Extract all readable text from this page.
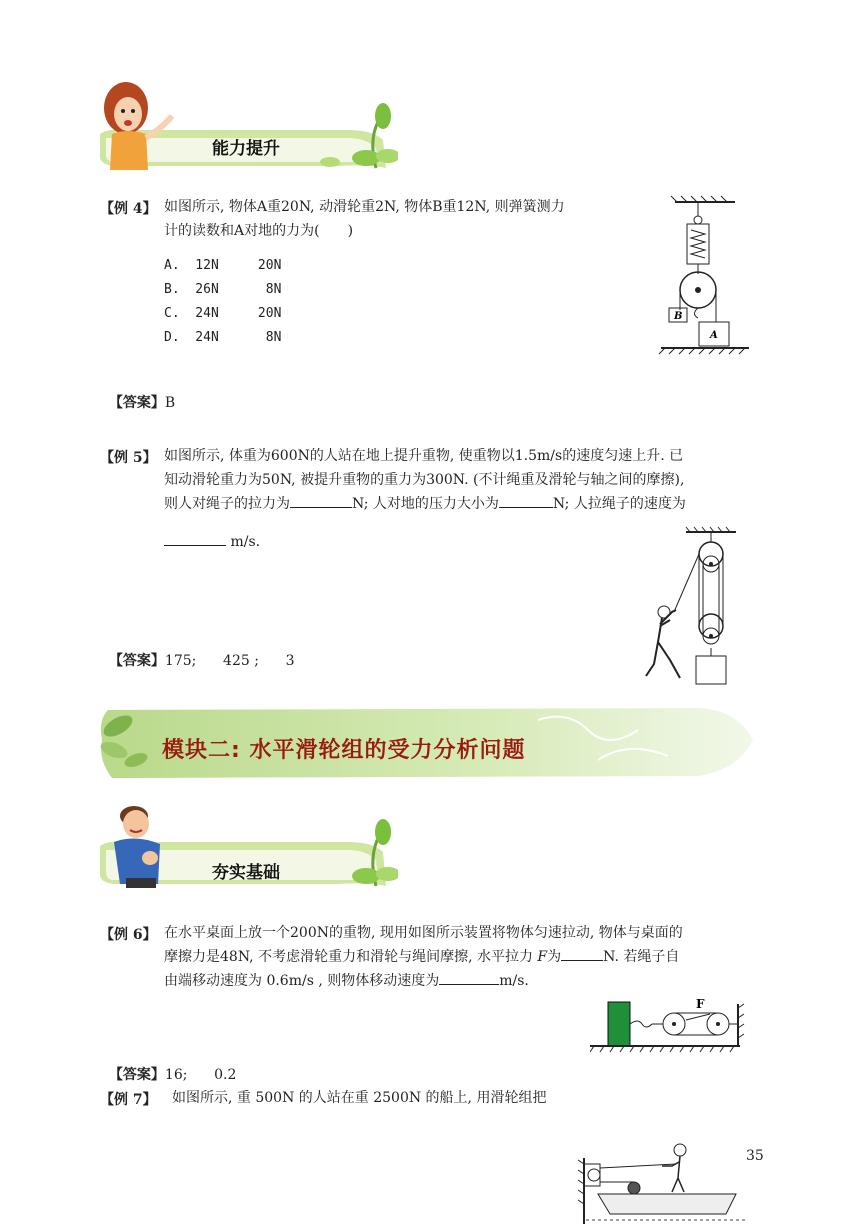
能力提升
【例 4】 如图所示, 物体A重20N, 动滑轮重2N, 物体B重12N, 则弹簧测力
计的读数和A对地的力为(　　)
A.  12N     20N
B.  26N      8N
C.  24N     20N
D.  24N      8N
B
A

【答案】B

【例 5】 如图所示, 体重为600N的人站在地上提升重物, 使重物以1.5m/s的速度匀速上升. 已
知动滑轮重力为50N, 被提升重物的重力为300N. (不计绳重及滑轮与轴之间的摩擦),
则人对绳子的拉力为	N; 人对地的压力大小为	N; 人拉绳子的速度为
m/s.

【答案】175;      425 ;      3

模块二: 水平滑轮组的受力分析问题
夯实基础
【例 6】 在水平桌面上放一个200N的重物, 现用如图所示装置将物体匀速拉动, 物体与桌面的
摩擦力是48N, 不考虑滑轮重力和滑轮与绳间摩擦, 水平拉力 F为	N. 若绳子自
由端移动速度为 0.6m/s , 则物体移动速度为	m/s.
F

【答案】16;      0.2

【例 7】 如图所示, 重 500N 的人站在重 2500N 的船上, 用滑轮组把
35
